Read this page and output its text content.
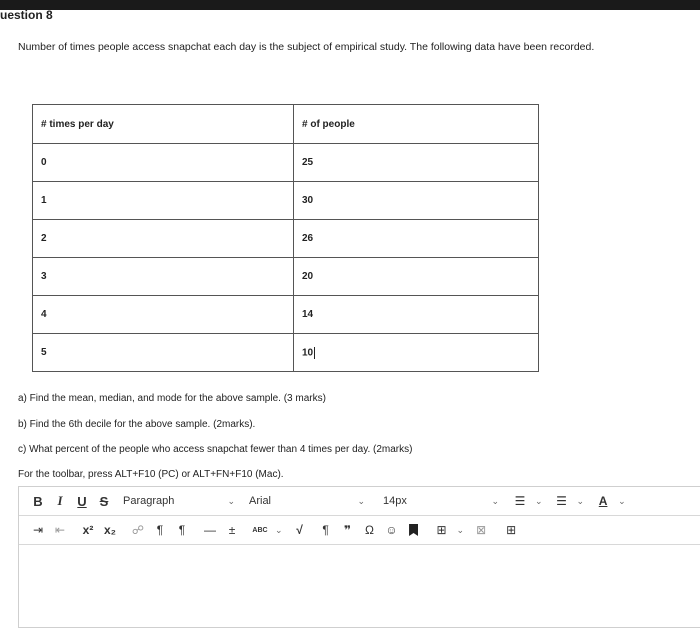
uestion 8
Number of times people access snapchat each day is the subject of empirical study. The following data have been recorded.
# times per day	# of people
0	25
1	30
2	26
3	20
4	14
5	10
a) Find the mean, median, and mode for the above sample. (3 marks)
b) Find the 6th decile for the above sample. (2marks).
c) What percent of the people who access snapchat fewer than 4 times per day. (2marks)
For the toolbar, press ALT+F10 (PC) or ALT+FN+F10 (Mac).
B	I	U S	Paragraph	⌄ Arial	⌄ 14px	⌄	☰	⌄	☰	⌄	A	⌄
⇥ ⇤	x² x₂	☍	¶	¶	—	±	ABC ⌄	√	¶	❞	Ω ☺	⊞	⌄ ⊠	⊞
